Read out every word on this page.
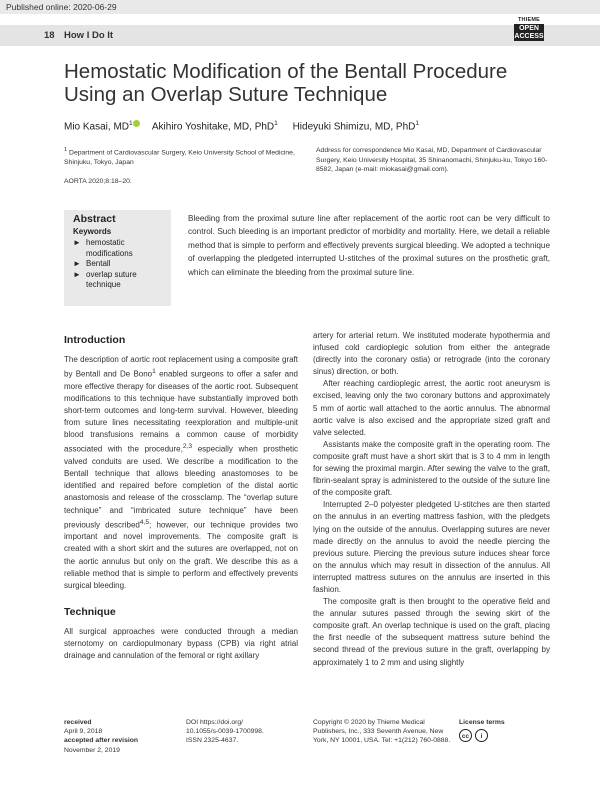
Published online: 2020-06-29
18 How I Do It
THIEME
OPEN
ACCESS
Hemostatic Modification of the Bentall Procedure Using an Overlap Suture Technique
Mio Kasai, $MD^1$ Akihiro Yoshitake, MD, PhD$^1$ Hideyuki Shimizu, MD, PhD$^1$
$^1$ Department of Cardiovascular Surgery, Keio University School of Medicine, Shinjuku, Tokyo, Japan
Address for correspondence Mio Kasai, MD, Department of Cardiovascular Surgery, Keio University Hospital, 35 Shinanomachi, Shinjuku-ku, Tokyo 160-8582, Japan (e-mail: miokasai@gmail.com).
AORTA 2020;8:18–20.
Abstract
Keywords
► hemostatic modifications
► Bentall
► overlap suture technique
Bleeding from the proximal suture line after replacement of the aortic root can be very difficult to control. Such bleeding is an important predictor of morbidity and mortality. Here, we detail a reliable method that is simple to perform and effectively prevents surgical bleeding. We adopted a technique of overlapping the pledgeted interrupted U-stitches of the proximal sutures on the prosthetic graft, which can eliminate the bleeding from the proximal suture line.
Introduction

The description of aortic root replacement using a composite graft by Bentall and De Bono$^1$ enabled surgeons to offer a safer and more effective therapy for diseases of the aortic root. Subsequent modifications to this technique have substantially improved both short-term outcomes and long-term survival. However, bleeding from suture lines necessitating reexploration and multiple-unit blood transfusions remains a common cause of morbidity associated with the procedure,$^{2,3}$ especially when prosthetic valved conduits are used. We describe a modification to the Bentall technique that allows bleeding anastomoses to be identified and repaired before completion of the distal aortic anastomosis and release of the crossclamp. The “overlap suture technique” and “imbricated suture technique” have been previously described$^{4,5}$; however, our technique provides two important and novel improvements. The composite graft is created with a short skirt and the sutures are overlapped, not on the aortic annulus but only on the graft. We describe this as a reliable method that is simple to perform and effectively prevents surgical bleeding.

Technique

All surgical approaches were conducted through a median sternotomy on cardiopulmonary bypass (CPB) via right atrial drainage and cannulation of the femoral or right axillary

artery for arterial return. We instituted moderate hypothermia and infused cold cardioplegic solution from either the antegrade (directly into the coronary ostia) or retrograde (into the coronary sinus) direction, or both.

After reaching cardioplegic arrest, the aortic root aneurysm is excised, leaving only the two coronary buttons and approximately 5 mm of aortic wall attached to the aortic annulus. The abnormal aortic valve is also excised and the appropriate sized graft and valve selected.

Assistants make the composite graft in the operating room. The composite graft must have a short skirt that is 3 to 4 mm in length for sewing the proximal margin. After sewing the valve to the graft, fibrin-sealant spray is administered to the outside of the suture line of the composite graft.

Interrupted 2–0 polyester pledgeted U-stitches are then started on the annulus in an everting mattress fashion, with the pledgets lying on the outside of the annulus. Overlapping sutures are never made directly on the annulus to avoid the needle piercing the previous suture. Piercing the previous suture induces shear force on the annulus which may result in dissection of the annulus. All interrupted mattress sutures on the annulus are inserted in this fashion.

The composite graft is then brought to the operative field and the annular sutures passed through the sewing skirt of the composite graft. An overlap technique is used on the graft, placing the first needle of the subsequent mattress suture behind the second thread of the previous suture in the graft, overlapping by approximately 1 to 2 mm and using slightly

received
April 9, 2018
accepted after revision
November 2, 2019
DOI https://doi.org/
10.1055/s-0039-1700998.
ISSN 2325-4637.
Copyright © 2020 by Thieme Medical Publishers, Inc., 333 Seventh Avenue, New York, NY 10001, USA. Tel: +1(212) 760-0888.
License terms
cc i
